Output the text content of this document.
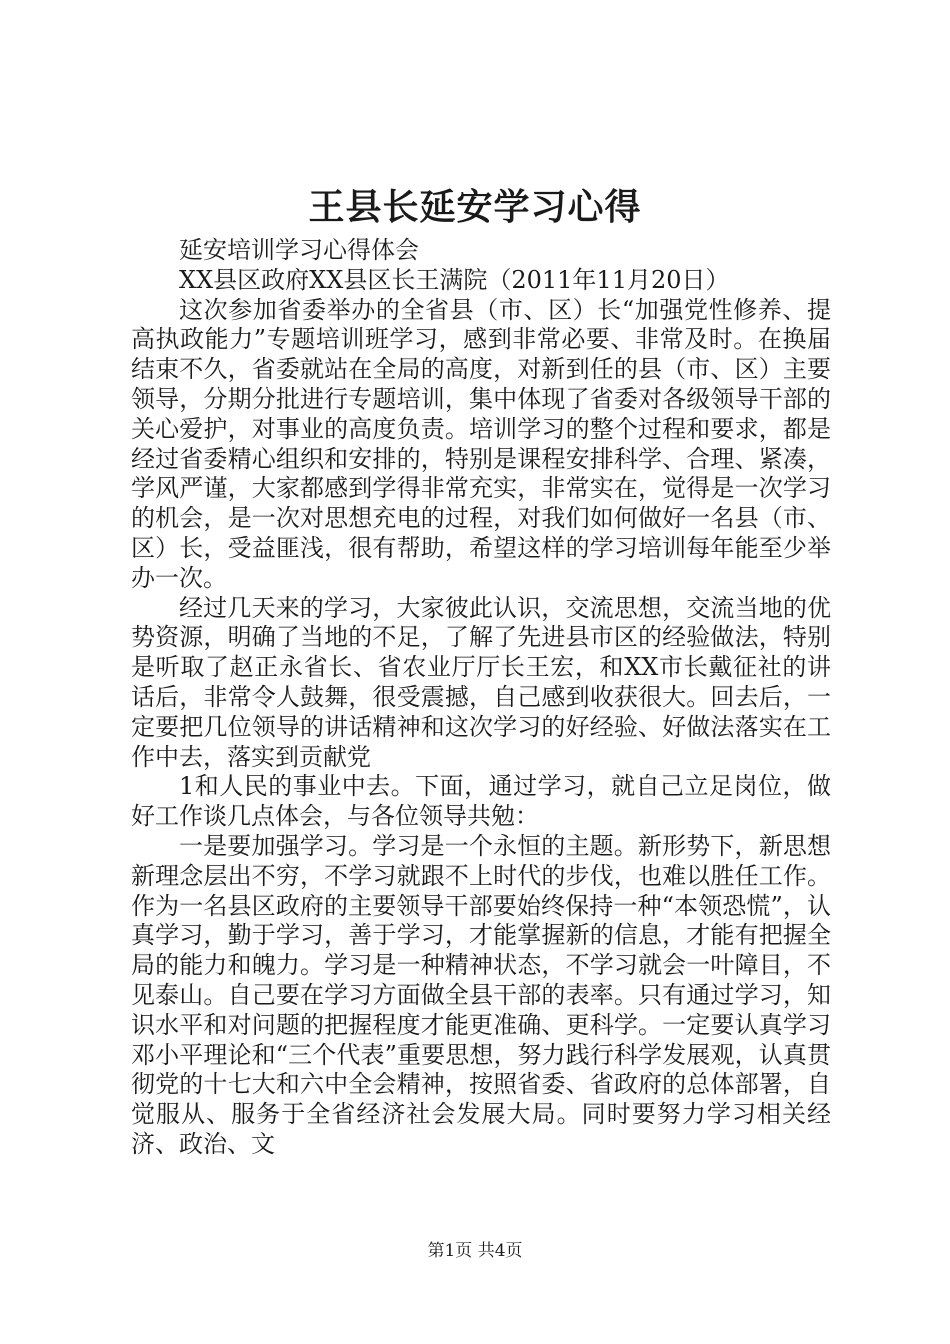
王县长延安学习心得

延安培训学习心得体会

XX县区政府XX县区长王满院（2011年11月20日）

这次参加省委举办的全省县（市、区）长“加强党性修养、提高执政能力”专题培训班学习，感到非常必要、非常及时。在换届结束不久，省委就站在全局的高度，对新到任的县（市、区）主要领导，分期分批进行专题培训，集中体现了省委对各级领导干部的关心爱护，对事业的高度负责。培训学习的整个过程和要求，都是经过省委精心组织和安排的，特别是课程安排科学、合理、紧凑，学风严谨，大家都感到学得非常充实，非常实在，觉得是一次学习的机会，是一次对思想充电的过程，对我们如何做好一名县（市、区）长，受益匪浅，很有帮助，希望这样的学习培训每年能至少举办一次。

经过几天来的学习，大家彼此认识，交流思想，交流当地的优势资源，明确了当地的不足，了解了先进县市区的经验做法，特别是听取了赵正永省长、省农业厅厅长王宏，和XX市长戴征社的讲话后，非常令人鼓舞，很受震撼，自己感到收获很大。回去后，一定要把几位领导的讲话精神和这次学习的好经验、好做法落实在工作中去，落实到贡献党

1和人民的事业中去。下面，通过学习，就自己立足岗位，做好工作谈几点体会，与各位领导共勉：

一是要加强学习。学习是一个永恒的主题。新形势下，新思想新理念层出不穷，不学习就跟不上时代的步伐，也难以胜任工作。作为一名县区政府的主要领导干部要始终保持一种“本领恐慌”，认真学习，勤于学习，善于学习，才能掌握新的信息，才能有把握全局的能力和魄力。学习是一种精神状态，不学习就会一叶障目，不见泰山。自己要在学习方面做全县干部的表率。只有通过学习，知识水平和对问题的把握程度才能更准确、更科学。一定要认真学习邓小平理论和“三个代表”重要思想，努力践行科学发展观，认真贯彻党的十七大和六中全会精神，按照省委、省政府的总体部署，自觉服从、服务于全省经济社会发展大局。同时要努力学习相关经济、政治、文

第1页 共4页
